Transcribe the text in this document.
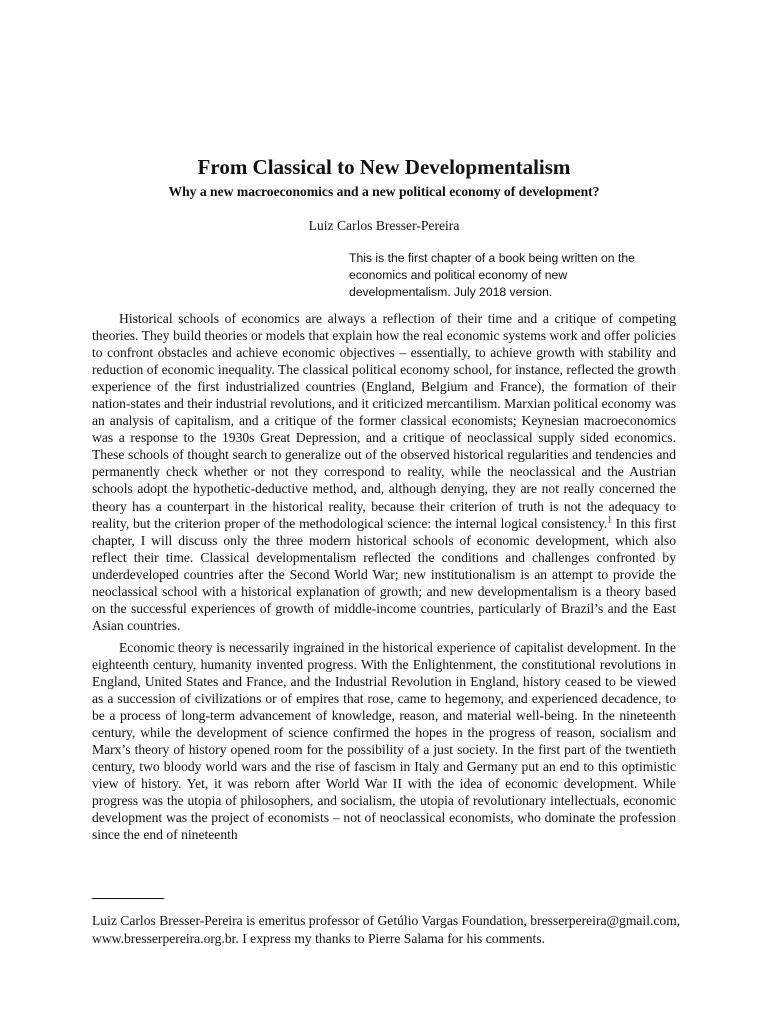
From Classical to New Developmentalism
Why a new macroeconomics and a new political economy of development?

Luiz Carlos Bresser-Pereira

This is the first chapter of a book being written on the economics and political economy of new developmentalism. July 2018 version.

Historical schools of economics are always a reflection of their time and a critique of competing theories. They build theories or models that explain how the real economic systems work and offer policies to confront obstacles and achieve economic objectives – essentially, to achieve growth with stability and reduction of economic inequality. The classical political economy school, for instance, reflected the growth experience of the first industrialized countries (England, Belgium and France), the formation of their nation-states and their industrial revolutions, and it criticized mercantilism. Marxian political economy was an analysis of capitalism, and a critique of the former classical economists; Keynesian macroeconomics was a response to the 1930s Great Depression, and a critique of neoclassical supply sided economics. These schools of thought search to generalize out of the observed historical regularities and tendencies and permanently check whether or not they correspond to reality, while the neoclassical and the Austrian schools adopt the hypothetic-deductive method, and, although denying, they are not really concerned the theory has a counterpart in the historical reality, because their criterion of truth is not the adequacy to reality, but the criterion proper of the methodological science: the internal logical consistency.$^1$ In this first chapter, I will discuss only the three modern historical schools of economic development, which also reflect their time. Classical developmentalism reflected the conditions and challenges confronted by underdeveloped countries after the Second World War; new institutionalism is an attempt to provide the neoclassical school with a historical explanation of growth; and new developmentalism is a theory based on the successful experiences of growth of middle-income countries, particularly of Brazil’s and the East Asian countries.

Economic theory is necessarily ingrained in the historical experience of capitalist development. In the eighteenth century, humanity invented progress. With the Enlightenment, the constitutional revolutions in England, United States and France, and the Industrial Revolution in England, history ceased to be viewed as a succession of civilizations or of empires that rose, came to hegemony, and experienced decadence, to be a process of long-term advancement of knowledge, reason, and material well-being. In the nineteenth century, while the development of science confirmed the hopes in the progress of reason, socialism and Marx’s theory of history opened room for the possibility of a just society. In the first part of the twentieth century, two bloody world wars and the rise of fascism in Italy and Germany put an end to this optimistic view of history. Yet, it was reborn after World War II with the idea of economic development. While progress was the utopia of philosophers, and socialism, the utopia of revolutionary intellectuals, economic development was the project of economists – not of neoclassical economists, who dominate the profession since the end of nineteenth

Luiz Carlos Bresser-Pereira is emeritus professor of Getúlio Vargas Foundation, bresserpereira@gmail.com, www.bresserpereira.org.br. I express my thanks to Pierre Salama for his comments.
